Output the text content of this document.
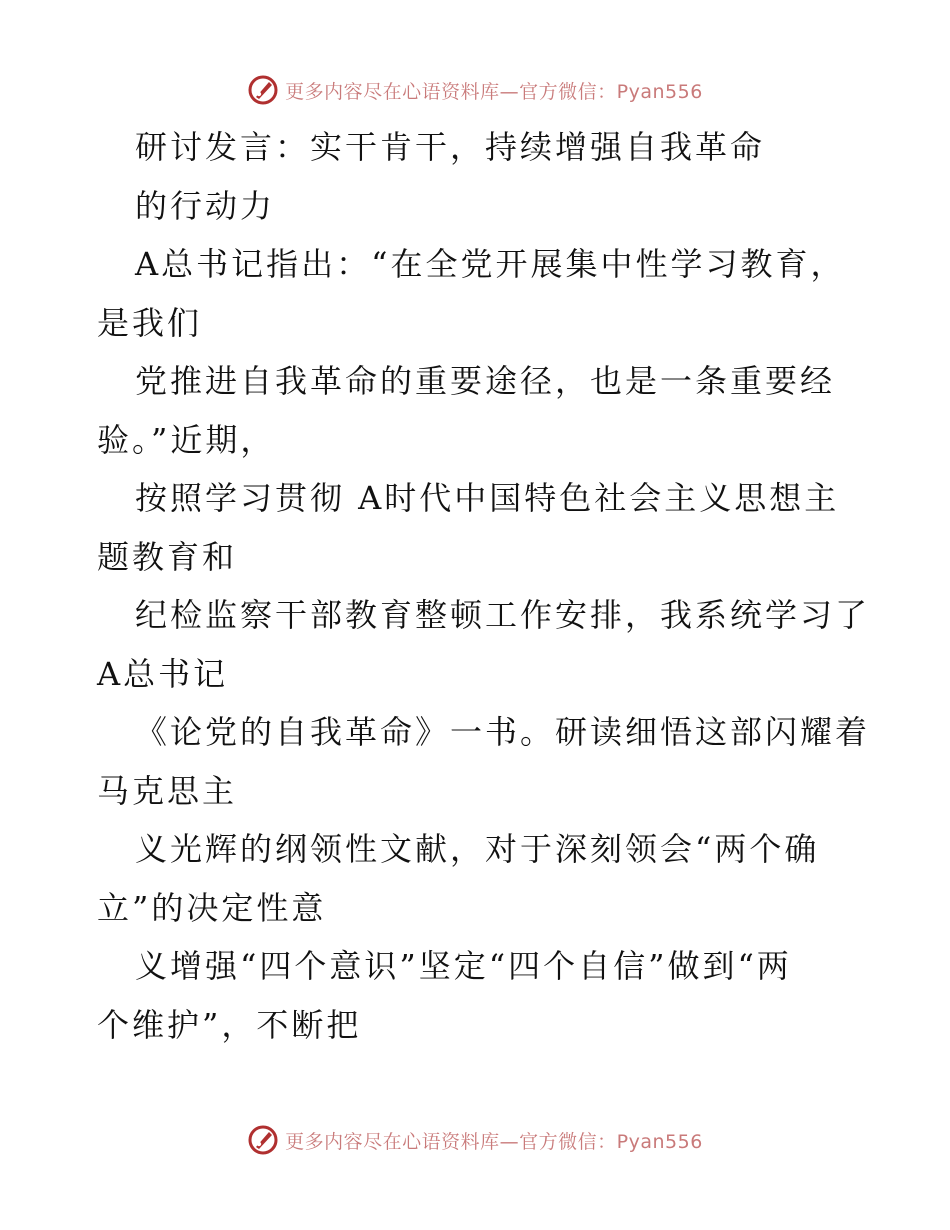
更多内容尽在心语资料库—官方微信：Pyan556
研讨发言：实干肯干，持续增强自我革命
的行动力
A总书记指出：“在全党开展集中性学习教育，
是我们
党推进自我革命的重要途径，也是一条重要经
验。”近期，
按照学习贯彻 A时代中国特色社会主义思想主
题教育和
纪检监察干部教育整顿工作安排，我系统学习了
A总书记
《论党的自我革命》一书。研读细悟这部闪耀着
马克思主
义光辉的纲领性文献，对于深刻领会“两个确
立”的决定性意
义增强“四个意识”坚定“四个自信”做到“两
个维护”，不断把
更多内容尽在心语资料库—官方微信：Pyan556
